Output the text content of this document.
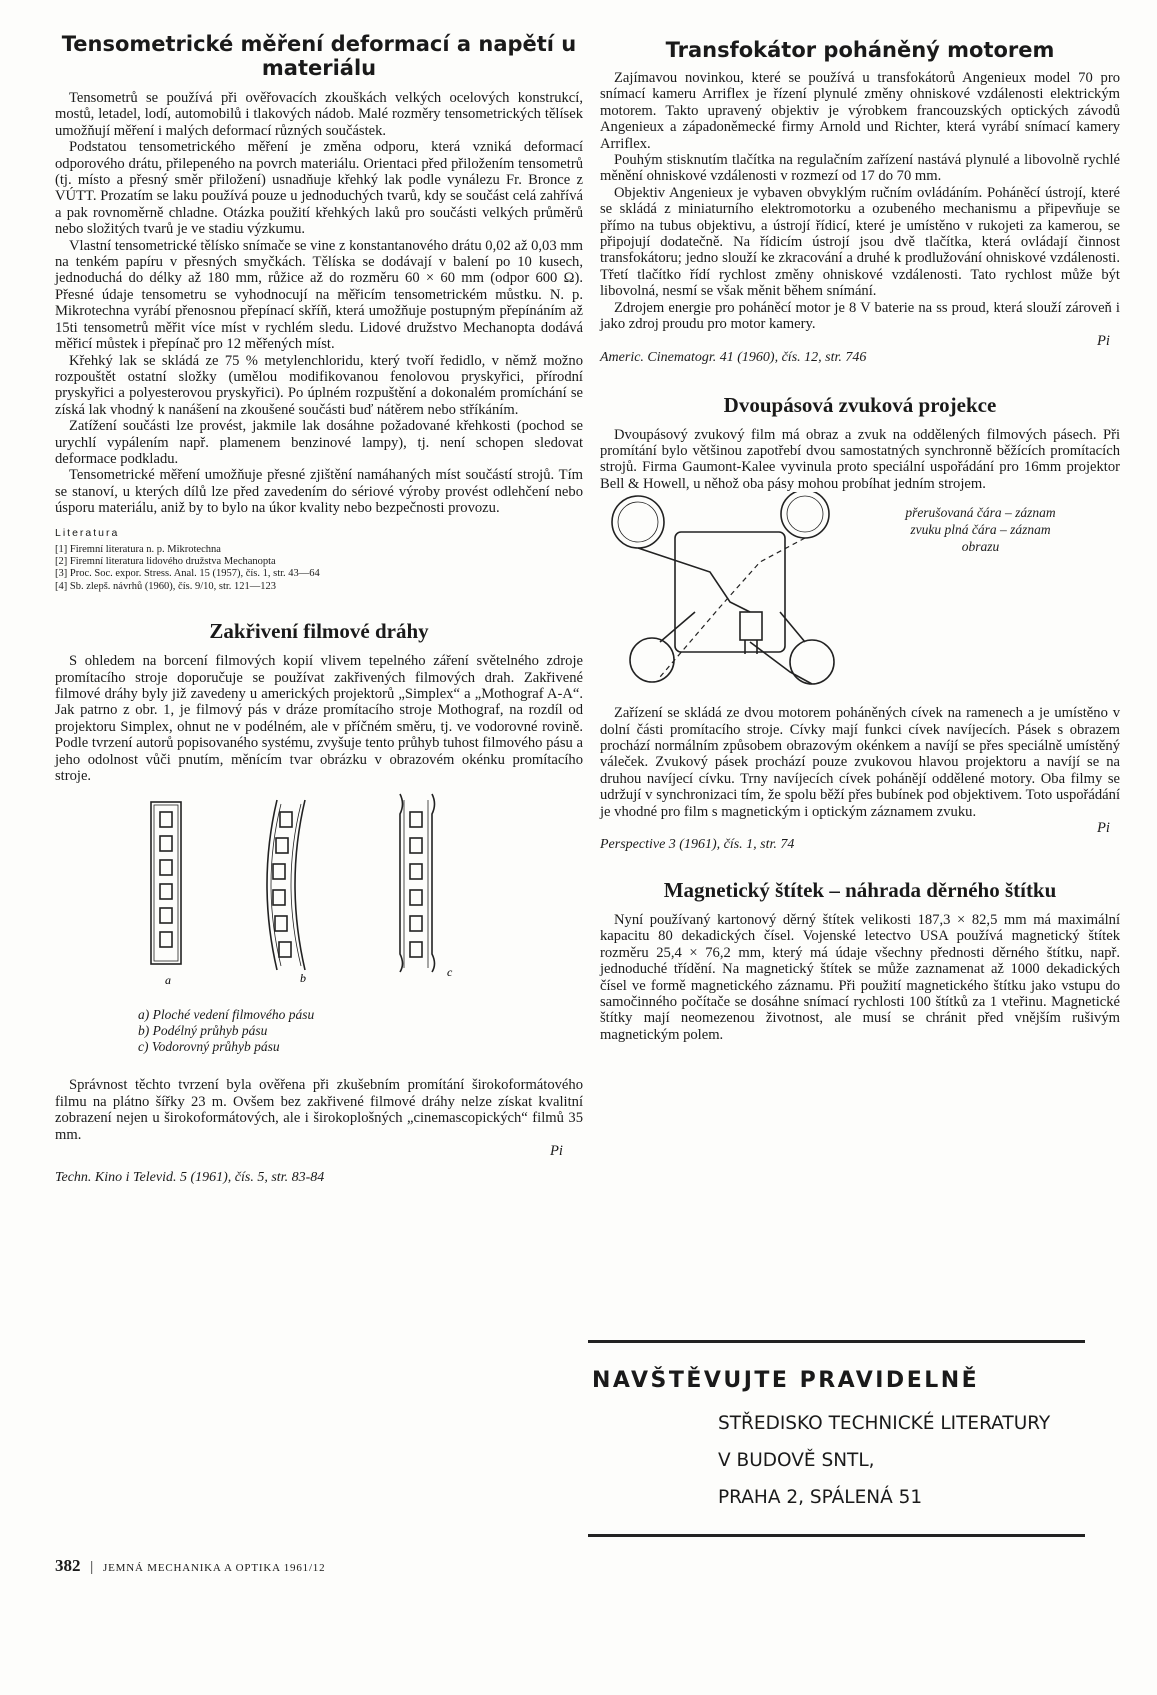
Tensometrické měření deformací a napětí u materiálu

Tensometrů se používá při ověřovacích zkouškách velkých ocelových konstrukcí, mostů, letadel, lodí, automobilů i tlakových nádob. Malé rozměry tensometrických tělísek umožňují měření i malých deformací různých součástek.

Podstatou tensometrického měření je změna odporu, která vzniká deformací odporového drátu, přilepeného na povrch materiálu. Orientaci před přiložením tensometrů (tj. místo a přesný směr přiložení) usnadňuje křehký lak podle vynálezu Fr. Bronce z VÚTT. Prozatím se laku používá pouze u jednoduchých tvarů, kdy se součást celá zahřívá a pak rovnoměrně chladne. Otázka použití křehkých laků pro součásti velkých průměrů nebo složitých tvarů je ve stadiu výzkumu.

Vlastní tensometrické tělísko snímače se vine z konstantanového drátu 0,02 až 0,03 mm na tenkém papíru v přesných smyčkách. Tělíska se dodávají v balení po 10 kusech, jednoduchá do délky až 180 mm, růžice až do rozměru 60 × 60 mm (odpor 600 Ω). Přesné údaje tensometru se vyhodnocují na měřicím tensometrickém můstku. N. p. Mikrotechna vyrábí přenosnou přepínací skříň, která umožňuje postupným přepínáním až 15ti tensometrů měřit více míst v rychlém sledu. Lidové družstvo Mechanopta dodává měřicí můstek i přepínač pro 12 měřených míst.

Křehký lak se skládá ze 75 % metylenchloridu, který tvoří ředidlo, v němž možno rozpouštět ostatní složky (umělou modifikovanou fenolovou pryskyřici, přírodní pryskyřici a polyesterovou pryskyřici). Po úplném rozpuštění a dokonalém promíchání se získá lak vhodný k nanášení na zkoušené součásti buď nátěrem nebo stříkáním.

Zatížení součásti lze provést, jakmile lak dosáhne požadované křehkosti (pochod se urychlí vypálením např. plamenem benzinové lampy), tj. není schopen sledovat deformace podkladu.

Tensometrické měření umožňuje přesné zjištění namáhaných míst součástí strojů. Tím se stanoví, u kterých dílů lze před zavedením do sériové výroby provést odlehčení nebo úsporu materiálu, aniž by to bylo na úkor kvality nebo bezpečnosti provozu.

Literatura
[1] Firemní literatura n. p. Mikrotechna
[2] Firemní literatura lidového družstva Mechanopta
[3] Proc. Soc. expor. Stress. Anal. 15 (1957), čís. 1, str. 43—64
[4] Sb. zlepš. návrhů (1960), čís. 9/10, str. 121—123
Zakřivení filmové dráhy

S ohledem na borcení filmových kopií vlivem tepelného záření světelného zdroje promítacího stroje doporučuje se používat zakřivených filmových drah. Zakřivené filmové dráhy byly již zavedeny u amerických projektorů „Simplex“ a „Mothograf A-A“. Jak patrno z obr. 1, je filmový pás v dráze promítacího stroje Mothograf, na rozdíl od projektoru Simplex, ohnut ne v podélném, ale v příčném směru, tj. ve vodorovné rovině. Podle tvrzení autorů popisovaného systému, zvyšuje tento průhyb tuhost filmového pásu a jeho odolnost vůči pnutím, měnícím tvar obrázku v obrazovém okénku promítacího stroje.

a	b	c
a) Ploché vedení filmového pásu
b) Podélný průhyb pásu
c) Vodorovný průhyb pásu

Správnost těchto tvrzení byla ověřena při zkušebním promítání širokoformátového filmu na plátno šířky 23 m. Ovšem bez zakřivené filmové dráhy nelze získat kvalitní zobrazení nejen u širokoformátových, ale i širokoplošných „cinemascopických“ filmů 35 mm.

Pi
Techn. Kino i Televid. 5 (1961), čís. 5, str. 83-84
Transfokátor poháněný motorem

Zajímavou novinkou, které se používá u transfokátorů Angenieux model 70 pro snímací kameru Arriflex je řízení plynulé změny ohniskové vzdálenosti elektrickým motorem. Takto upravený objektiv je výrobkem francouzských optických závodů Angenieux a západoněmecké firmy Arnold und Richter, která vyrábí snímací kamery Arriflex.

Pouhým stisknutím tlačítka na regulačním zařízení nastává plynulé a libovolně rychlé měnění ohniskové vzdálenosti v rozmezí od 17 do 70 mm.

Objektiv Angenieux je vybaven obvyklým ručním ovládáním. Poháněcí ústrojí, které se skládá z miniaturního elektromotorku a ozubeného mechanismu a připevňuje se přímo na tubus objektivu, a ústrojí řídicí, které je umístěno v rukojeti za kamerou, se připojují dodatečně. Na řídicím ústrojí jsou dvě tlačítka, která ovládají činnost transfokátoru; jedno slouží ke zkracování a druhé k prodlužování ohniskové vzdálenosti. Třetí tlačítko řídí rychlost změny ohniskové vzdálenosti. Tato rychlost může být libovolná, nesmí se však měnit během snímání.

Zdrojem energie pro poháněcí motor je 8 V baterie na ss proud, která slouží zároveň i jako zdroj proudu pro motor kamery.

Pi
Americ. Cinematogr. 41 (1960), čís. 12, str. 746
Dvoupásová zvuková projekce

Dvoupásový zvukový film má obraz a zvuk na oddělených filmových pásech. Při promítání bylo většinou zapotřebí dvou samostatných synchronně běžících promítacích strojů. Firma Gaumont-Kalee vyvinula proto speciální uspořádání pro 16mm projektor Bell & Howell, u něhož oba pásy mohou probíhat jedním strojem.

přerušovaná čára – záznam
zvuku plná čára – záznam
obrazu

Zařízení se skládá ze dvou motorem poháněných cívek na ramenech a je umístěno v dolní části promítacího stroje. Cívky mají funkci cívek navíjecích. Pásek s obrazem prochází normálním způsobem obrazovým okénkem a navíjí se přes speciálně umístěný váleček. Zvukový pásek prochází pouze zvukovou hlavou projektoru a navíjí se na druhou navíjecí cívku. Trny navíjecích cívek pohánějí oddělené motory. Oba filmy se udržují v synchronizaci tím, že spolu běží přes bubínek pod objektivem. Toto uspořádání je vhodné pro film s magnetickým i optickým záznamem zvuku.

Pi
Perspective 3 (1961), čís. 1, str. 74
Magnetický štítek – náhrada děrného štítku

Nyní používaný kartonový děrný štítek velikosti 187,3 × 82,5 mm má maximální kapacitu 80 dekadických čísel. Vojenské letectvo USA používá magnetický štítek rozměru 25,4 × 76,2 mm, který má údaje všechny přednosti děrného štítku, např. jednoduché třídění. Na magnetický štítek se může zaznamenat až 1000 dekadických čísel ve formě magnetického záznamu. Při použití magnetického štítku jako vstupu do samočinného počítače se dosáhne snímací rychlosti 100 štítků za 1 vteřinu. Magnetické štítky mají neomezenou životnost, ale musí se chránit před vnějším rušivým magnetickým polem.

NAVŠTĚVUJTE PRAVIDELNĚ
STŘEDISKO TECHNICKÉ LITERATURY
V BUDOVĚ SNTL,
PRAHA 2, SPÁLENÁ 51
382 | JEMNÁ MECHANIKA A OPTIKA 1961/12
